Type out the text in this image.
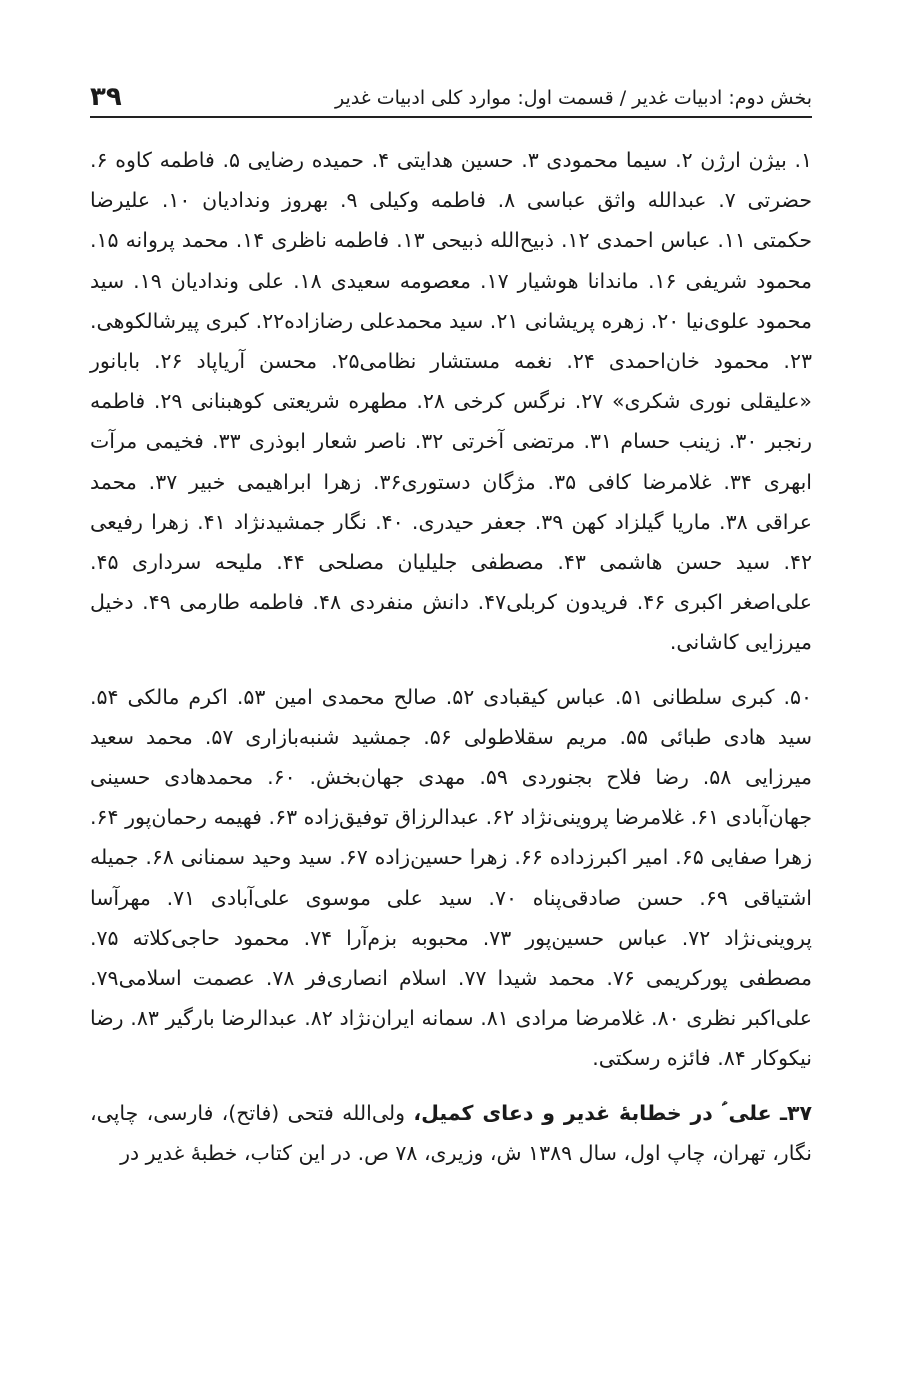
بخش دوم: ادبیات غدیر / قسمت اول: موارد کلی ادبیات غدیر
۳۹

۱. بیژن ارژن ۲. سیما محمودی ۳. حسین هدایتی ۴. حمیده رضایی ۵. فاطمه کاوه ۶. حضرتی ۷. عبدالله واثق عباسی ۸. فاطمه وکیلی ۹. بهروز وندادیان ۱۰. علیرضا حکمتی ۱۱. عباس احمدی ۱۲. ذبیح‌الله ذبیحی ۱۳. فاطمه ناظری ۱۴. محمد پروانه ۱۵. محمود شریفی ۱۶. ماندانا هوشیار ۱۷. معصومه سعیدی ۱۸. علی وندادیان ۱۹. سید محمود علوی‌نیا ۲۰. زهره پریشانی ۲۱. سید محمدعلی رضازاده۲۲. کبری پیرشالکوهی. ۲۳. محمود خان‌احمدی ۲۴. نغمه مستشار نظامی۲۵. محسن آریاپاد ۲۶. بابانور «علیقلی نوری شکری» ۲۷. نرگس کرخی ۲۸. مطهره شریعتی کوهبنانی ۲۹. فاطمه رنجبر ۳۰. زینب حسام ۳۱. مرتضی آخرتی ۳۲. ناصر شعار ابوذری ۳۳. فخیمی مرآت ابهری ۳۴. غلامرضا کافی ۳۵. مژگان دستوری۳۶. زهرا ابراهیمی خبیر ۳۷. محمد عراقی ۳۸. ماریا گیلزاد کهن ۳۹. جعفر حیدری. ۴۰. نگار جمشیدنژاد ۴۱. زهرا رفیعی ۴۲. سید حسن هاشمی ۴۳. مصطفی جلیلیان مصلحی ۴۴. ملیحه سرداری ۴۵. علی‌اصغر اکبری ۴۶. فریدون کربلی۴۷. دانش منفردی ۴۸. فاطمه طارمی ۴۹. دخیل میرزایی کاشانی.

۵۰. کبری سلطانی ۵۱. عباس کیقبادی ۵۲. صالح محمدی امین ۵۳. اکرم مالکی ۵۴. سید هادی طبائی ۵۵. مریم سقلاطولی ۵۶. جمشید شنبه‌بازاری ۵۷. محمد سعید میرزایی ۵۸. رضا فلاح بجنوردی ۵۹. مهدی جهان‌بخش. ۶۰. محمدهادی حسینی جهان‌آبادی ۶۱. غلامرضا پروینی‌نژاد ۶۲. عبدالرزاق توفیق‌زاده ۶۳. فهیمه رحمان‌پور ۶۴. زهرا صفایی ۶۵. امیر اکبرزداده ۶۶. زهرا حسین‌زاده ۶۷. سید وحید سمنانی ۶۸. جمیله اشتیاقی ۶۹. حسن صادقی‌پناه ۷۰. سید علی موسوی علی‌آبادی ۷۱. مهرآسا پروینی‌نژاد ۷۲. عباس حسین‌پور ۷۳. محبوبه بزم‌آرا ۷۴. محمود حاجی‌کلاته ۷۵. مصطفی پورکریمی ۷۶. محمد شیدا ۷۷. اسلام انصاری‌فر ۷۸. عصمت اسلامی۷۹. علی‌اکبر نظری ۸۰. غلامرضا مرادی ۸۱. سمانه ایران‌نژاد ۸۲. عبدالرضا بارگیر ۸۳. رضا نیکوکار ۸۴. فائزه رسکتی.

۳۷ـ علی ؑ در خطابهٔ غدیر و دعای کمیل، ولی‌الله فتحی (فاتح)، فارسی، چاپی، نگار، تهران، چاپ اول، سال ۱۳۸۹ ش، وزیری، ۷۸ ص. در این کتاب، خطبهٔ غدیر در
